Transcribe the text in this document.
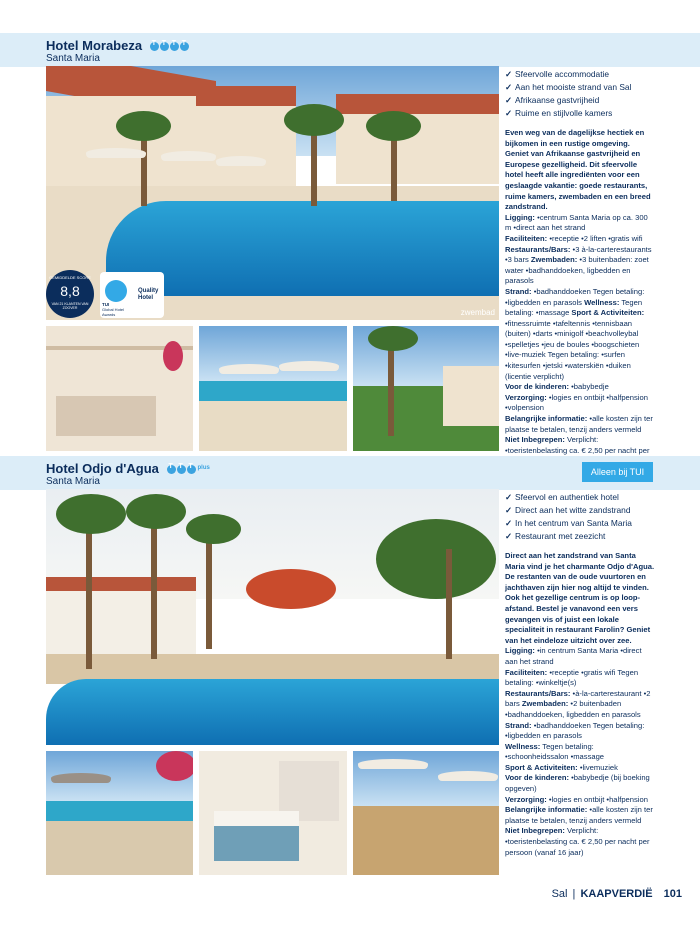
Hotel Morabeza
T
T
T
T
Santa Maria
zwembad
GEMIDDELDE SCORE
8,8
VAN 21 KLANTEN VAN ZOOVER
TUI
Global Hotel
Awards
Quality
Hotel
✓ Sfeervolle accommodatie
✓ Aan het mooiste strand van Sal
✓ Afrikaanse gastvrijheid
✓ Ruime en stijlvolle kamers
Even weg van de dagelijkse hectiek en bijkomen in een rustige omgeving. Geniet van Afrikaanse gastvrijheid en Europese gezelligheid. Dit sfeervolle hotel heeft alle ingrediënten voor een geslaagde vakantie: goede restaurants, ruime kamers, zwembaden en een breed zandstrand.
Ligging: •centrum Santa Maria op ca. 300 m •direct aan het strand
Faciliteiten: •receptie •2 liften •gratis wifi
Restaurants/Bars: •3 à-la-carterestaurants •3 bars Zwembaden: •3 buitenbaden: zoet water •badhanddoeken, ligbedden en parasols
Strand: •badhanddoeken Tegen betaling: •ligbedden en parasols Wellness: Tegen betaling: •massage Sport & Activiteiten: •fitnessruimte •tafeltennis •tennisbaan (buiten) •darts •minigolf •beachvolleybal •spelletjes •jeu de boules •boogschieten •live-muziek Tegen betaling: •surfen •kitesurfen •jetski •waterskiën •duiken (licentie verplicht)
Voor de kinderen: •babybedje
Verzorging: •logies en ontbijt •halfpension •volpension
Belangrijke informatie: •alle kosten zijn ter plaatse te betalen, tenzij anders vermeld
Niet Inbegrepen: Verplicht: •toeristenbelasting ca. € 2,50 per nacht per
Hotel Odjo d'Agua T T T	plus
Santa Maria
Alleen bij TUI
✓ Sfeervol en authentiek hotel
✓ Direct aan het witte zandstrand
✓ In het centrum van Santa Maria
✓ Restaurant met zeezicht
Direct aan het zandstrand van Santa Maria vind je het charmante Odjo d'Agua. De restanten van de oude vuurtoren en jachthaven zijn hier nog altijd te vinden. Ook het gezellige centrum is op loop-afstand. Bestel je vanavond een vers gevangen vis of juist een lokale specialiteit in restaurant Farolin? Geniet van het eindeloze uitzicht over zee.
Ligging: •in centrum Santa Maria •direct aan het strand
Faciliteiten: •receptie •gratis wifi Tegen betaling: •winkeltje(s)
Restaurants/Bars: •à-la-carterestaurant •2 bars Zwembaden: •2 buitenbaden •badhanddoeken, ligbedden en parasols
Strand: •badhanddoeken Tegen betaling: •ligbedden en parasols
Wellness: Tegen betaling: •schoonheidssalon •massage
Sport & Activiteiten: •livemuziek
Voor de kinderen: •babybedje (bij boeking opgeven)
Verzorging: •logies en ontbijt •halfpension
Belangrijke informatie: •alle kosten zijn ter plaatse te betalen, tenzij anders vermeld
Niet Inbegrepen: Verplicht: •toeristenbelasting ca. € 2,50 per nacht per persoon (vanaf 16 jaar)
Sal | KAAPVERDIË 101
